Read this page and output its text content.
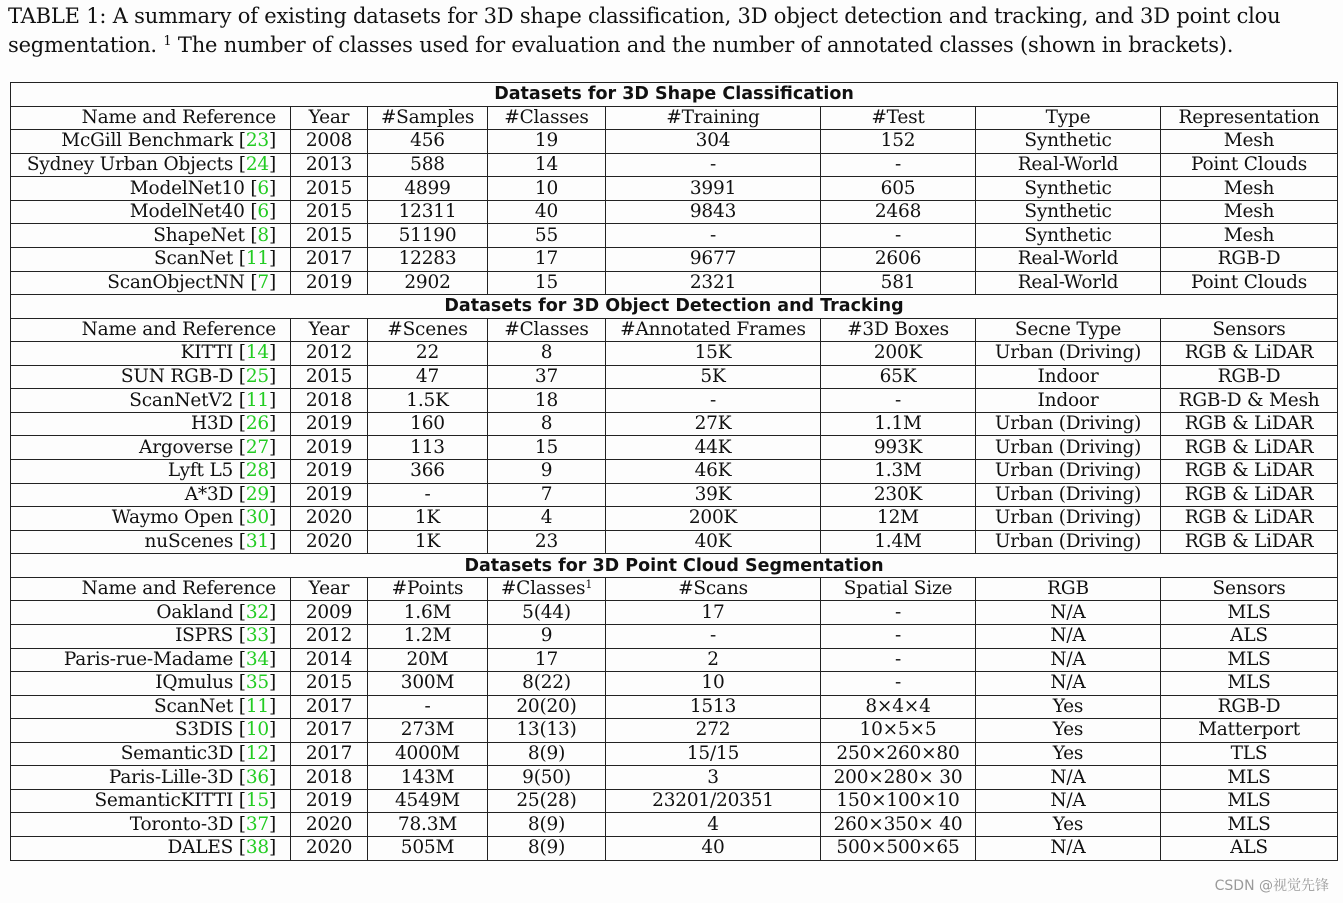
TABLE 1: A summary of existing datasets for 3D shape classification, 3D object detection and tracking, and 3D point clou
segmentation. $^1$ The number of classes used for evaluation and the number of annotated classes (shown in brackets).
Datasets for 3D Shape Classification							
Name and Reference	Year	#Samples	#Classes	#Training	#Test	Type	Representation
McGill Benchmark [23]	2008	456	19	304	152	Synthetic	Mesh
Sydney Urban Objects [24]	2013	588	14	-	-	Real-World	Point Clouds
ModelNet10 [6]	2015	4899	10	3991	605	Synthetic	Mesh
ModelNet40 [6]	2015	12311	40	9843	2468	Synthetic	Mesh
ShapeNet [8]	2015	51190	55	-	-	Synthetic	Mesh
ScanNet [11]	2017	12283	17	9677	2606	Real-World	RGB-D
ScanObjectNN [7]	2019	2902	15	2321	581	Real-World	Point Clouds
Datasets for 3D Object Detection and Tracking							
Name and Reference	Year	#Scenes	#Classes	#Annotated Frames	#3D Boxes	Secne Type	Sensors
KITTI [14]	2012	22	8	15K	200K	Urban (Driving)	RGB & LiDAR
SUN RGB-D [25]	2015	47	37	5K	65K	Indoor	RGB-D
ScanNetV2 [11]	2018	1.5K	18	-	-	Indoor	RGB-D & Mesh
H3D [26]	2019	160	8	27K	1.1M	Urban (Driving)	RGB & LiDAR
Argoverse [27]	2019	113	15	44K	993K	Urban (Driving)	RGB & LiDAR
Lyft L5 [28]	2019	366	9	46K	1.3M	Urban (Driving)	RGB & LiDAR
A*3D [29]	2019	-	7	39K	230K	Urban (Driving)	RGB & LiDAR
Waymo Open [30]	2020	1K	4	200K	12M	Urban (Driving)	RGB & LiDAR
nuScenes [31]	2020	1K	23	40K	1.4M	Urban (Driving)	RGB & LiDAR
Datasets for 3D Point Cloud Segmentation							
Name and Reference	Year	#Points	#Classes$^1$	#Scans	Spatial Size	RGB	Sensors
Oakland [32]	2009	1.6M	5(44)	17	-	N/A	MLS
ISPRS [33]	2012	1.2M	9	-	-	N/A	ALS
Paris-rue-Madame [34]	2014	20M	17	2	-	N/A	MLS
IQmulus [35]	2015	300M	8(22)	10	-	N/A	MLS
ScanNet [11]	2017	-	20(20)	1513	8×4×4	Yes	RGB-D
S3DIS [10]	2017	273M	13(13)	272	10×5×5	Yes	Matterport
Semantic3D [12]	2017	4000M	8(9)	15/15	250×260×80	Yes	TLS
Paris-Lille-3D [36]	2018	143M	9(50)	3	200×280× 30	N/A	MLS
SemanticKITTI [15]	2019	4549M	25(28)	23201/20351	150×100×10	N/A	MLS
Toronto-3D [37]	2020	78.3M	8(9)	4	260×350× 40	Yes	MLS
DALES [38]	2020	505M	8(9)	40	500×500×65	N/A	ALS
CSDN @视觉先锋
